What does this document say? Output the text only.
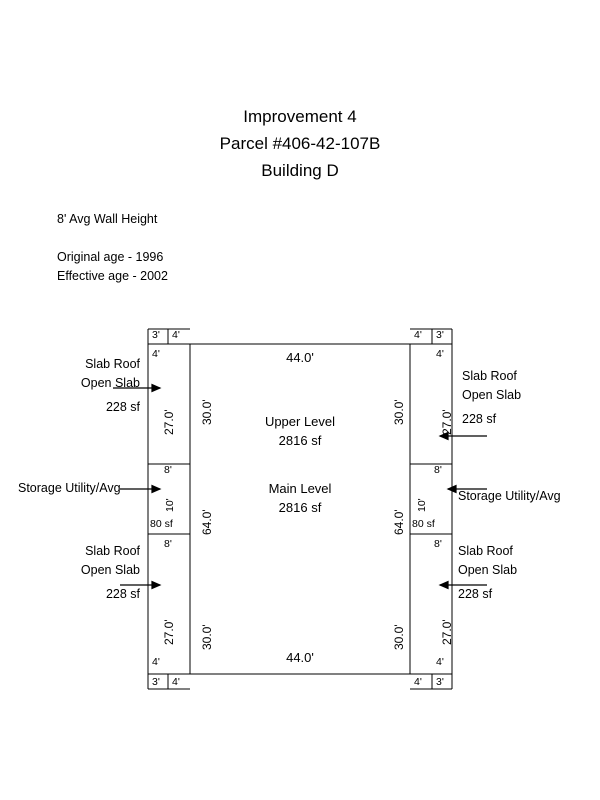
Improvement 4
Parcel #406-42-107B
Building D
8' Avg Wall Height
Original age - 1996
Effective age - 2002
44.0'
44.0'
Upper Level
2816 sf
Main Level
2816 sf
3' 4'
4'
27.0' 30.0'
8'
10'
80 sf 64.0'
8'
27.0' 30.0'
4'
3' 4'
4' 3'
4'
27.0'
30.0'
8'
10'
80 sf
64.0'
8'
27.0'
30.0'
4'
4' 3'
Slab Roof
Open Slab
228 sf
Storage Utility/Avg
Slab Roof
Open Slab
228 sf
Slab Roof
Open Slab
228 sf
Storage Utility/Avg
Slab Roof
Open Slab
228 sf
